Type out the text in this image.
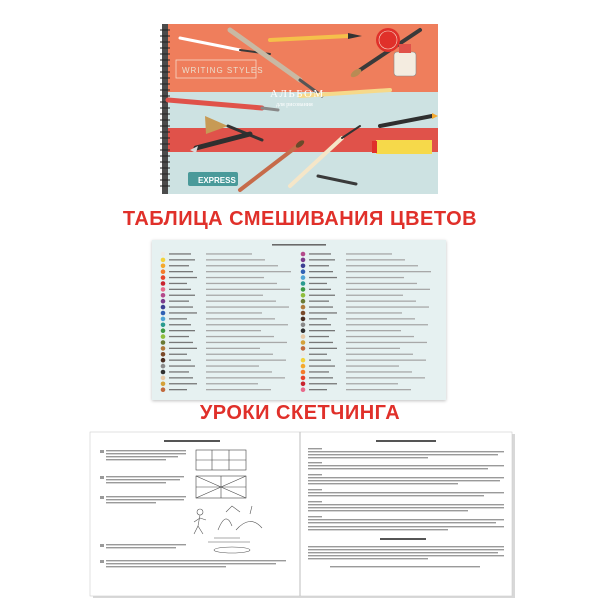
WRITING STYLES
АЛЬБОМ
для рисования
EXPRESS
ТАБЛИЦА СМЕШИВАНИЯ ЦВЕТОВ
УРОКИ СКЕТЧИНГА
